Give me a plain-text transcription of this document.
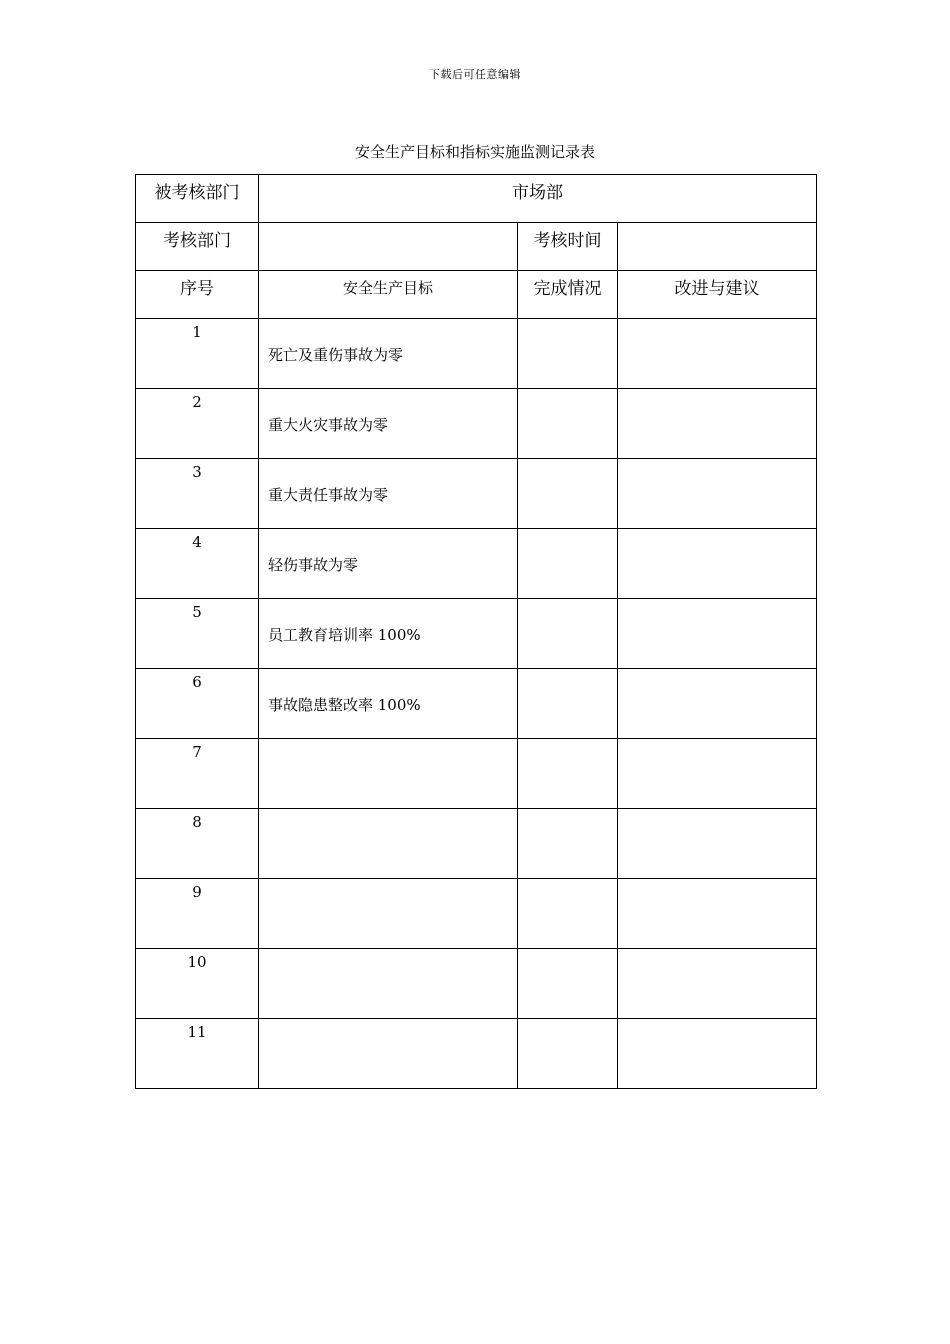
下载后可任意编辑
安全生产目标和指标实施监测记录表
被考核部门	市场部		
考核部门		考核时间	
序号	安全生产目标	完成情况	改进与建议
1	死亡及重伤事故为零		
2	重大火灾事故为零		
3	重大责任事故为零		
4	轻伤事故为零		
5	员工教育培训率 100%		
6	事故隐患整改率 100%		
7			
8			
9			
10			
11			
